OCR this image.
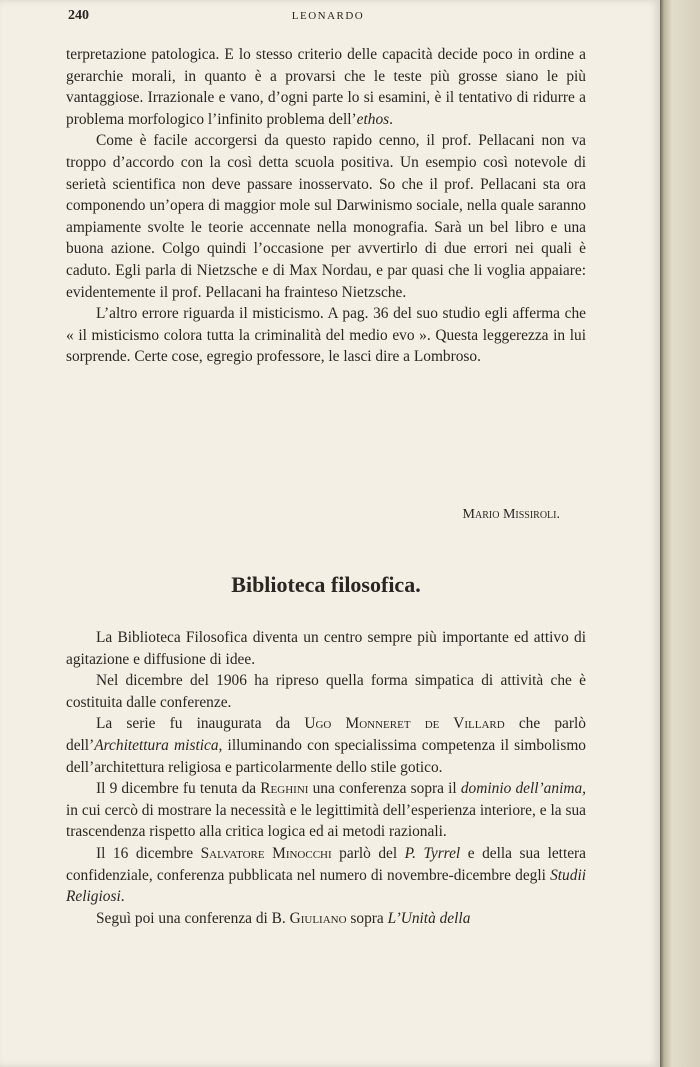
240	LEONARDO

terpretazione patologica. E lo stesso criterio delle capacità decide poco in ordine a gerarchie morali, in quanto è a provarsi che le teste più grosse siano le più vantaggiose. Irrazionale e vano, d’ogni parte lo si esamini, è il tentativo di ridurre a problema morfologico l’infinito problema dell’ethos.

Come è facile accorgersi da questo rapido cenno, il prof. Pellacani non va troppo d’accordo con la così detta scuola positiva. Un esempio così notevole di serietà scientifica non deve passare inosservato. So che il prof. Pellacani sta ora componendo un’opera di maggior mole sul Darwinismo sociale, nella quale saranno ampiamente svolte le teorie accennate nella monografia. Sarà un bel libro e una buona azione. Colgo quindi l’occasione per avvertirlo di due errori nei quali è caduto. Egli parla di Nietzsche e di Max Nordau, e par quasi che li voglia appaiare: evidentemente il prof. Pellacani ha frainteso Nietzsche.

L’altro errore riguarda il misticismo. A pag. 36 del suo studio egli afferma che « il misticismo colora tutta la criminalità del medio evo ». Questa leggerezza in lui sorprende. Certe cose, egregio professore, le lasci dire a Lombroso.

Mario Missiroli.
Biblioteca filosofica.

La Biblioteca Filosofica diventa un centro sempre più importante ed attivo di agitazione e diffusione di idee.

Nel dicembre del 1906 ha ripreso quella forma simpatica di attività che è costituita dalle conferenze.

La serie fu inaugurata da Ugo Monneret de Villard che parlò dell’Architettura mistica, illuminando con specialissima competenza il simbolismo dell’architettura religiosa e particolarmente dello stile gotico.

Il 9 dicembre fu tenuta da Reghini una conferenza sopra il dominio dell’anima, in cui cercò di mostrare la necessità e le legittimità dell’esperienza interiore, e la sua trascendenza rispetto alla critica logica ed ai metodi razionali.

Il 16 dicembre Salvatore Minocchi parlò del P. Tyrrel e della sua lettera confidenziale, conferenza pubblicata nel numero di novembre-dicembre degli Studii Religiosi.

Seguì poi una conferenza di B. Giuliano sopra L’Unità della
